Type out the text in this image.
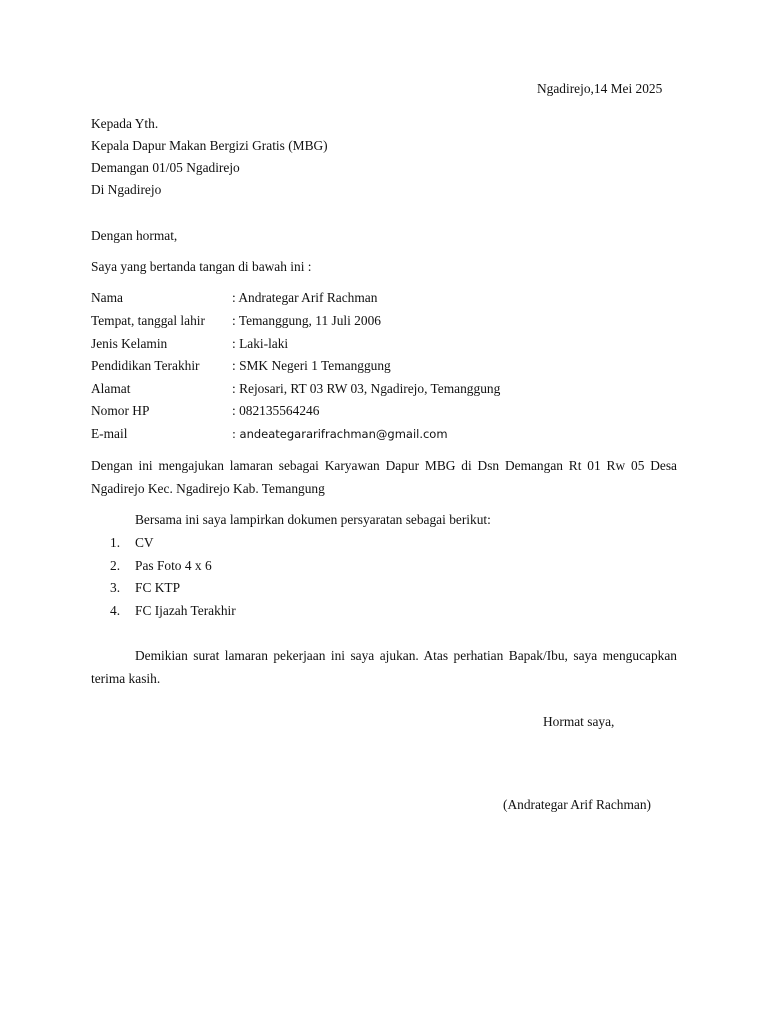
Ngadirejo,14 Mei 2025
Kepada Yth.
Kepala Dapur Makan Bergizi Gratis (MBG)
Demangan 01/05 Ngadirejo
Di Ngadirejo
Dengan hormat,
Saya yang bertanda tangan di bawah ini :
Nama	: Andrategar Arif Rachman
Tempat, tanggal lahir : Temanggung, 11 Juli 2006
Jenis Kelamin	: Laki-laki
Pendidikan Terakhir : SMK Negeri 1 Temanggung
Alamat	: Rejosari, RT 03 RW 03, Ngadirejo, Temanggung
Nomor HP	: 082135564246
E-mail	: andeategararifrachman@gmail.com
Dengan ini mengajukan lamaran sebagai Karyawan Dapur MBG di Dsn Demangan Rt 01 Rw 05 Desa Ngadirejo Kec. Ngadirejo Kab. Temangung
Bersama ini saya lampirkan dokumen persyaratan sebagai berikut:
1. CV
2. Pas Foto 4 x 6
3. FC KTP
4. FC Ijazah Terakhir
Demikian surat lamaran pekerjaan ini saya ajukan. Atas perhatian Bapak/Ibu, saya mengucapkan terima kasih.
Hormat saya,
(Andrategar Arif Rachman)
